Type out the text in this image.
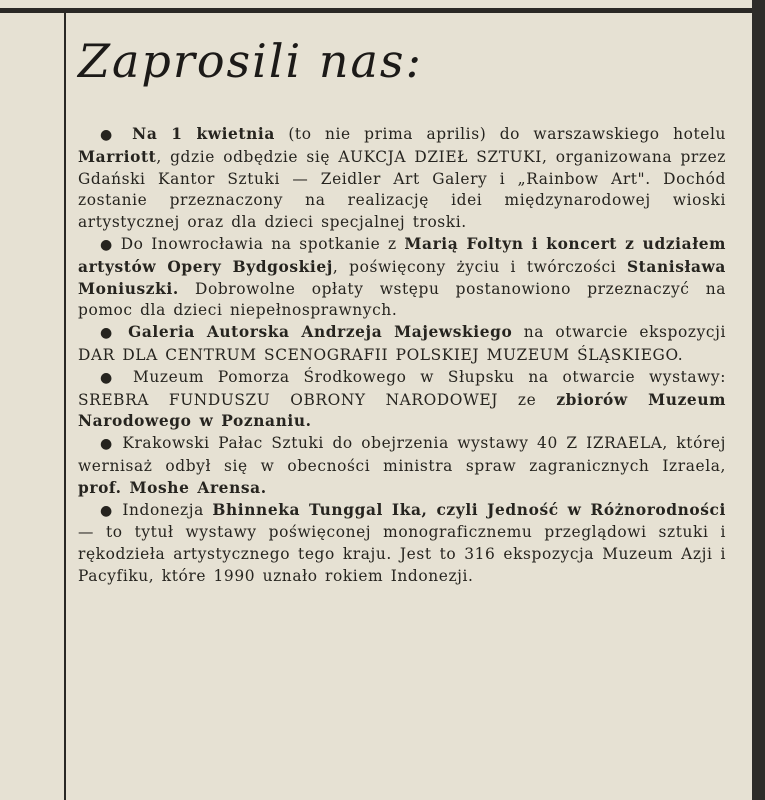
Zaprosili nas:

● Na 1 kwietnia (to nie prima aprilis) do warszawskiego hotelu Marriott, gdzie odbędzie się AUKCJA DZIEŁ SZTUKI, organizowana przez Gdański Kantor Sztuki — Zeidler Art Galery i „Rainbow Art". Dochód zostanie przeznaczony na realizację idei międzynarodowej wioski artystycznej oraz dla dzieci specjalnej troski.

● Do Inowrocławia na spotkanie z Marią Foltyn i koncert z udziałem artystów Opery Bydgoskiej, poświęcony życiu i twórczości Stanisława Moniuszki. Dobrowolne opłaty wstępu postanowiono przeznaczyć na pomoc dla dzieci niepełnosprawnych.

● Galeria Autorska Andrzeja Majewskiego na otwarcie ekspozycji DAR DLA CENTRUM SCENOGRAFII POLSKIEJ MUZEUM ŚLĄSKIEGO.

● Muzeum Pomorza Środkowego w Słupsku na otwarcie wystawy: SREBRA FUNDUSZU OBRONY NARODOWEJ ze zbiorów Muzeum Narodowego w Poznaniu.

● Krakowski Pałac Sztuki do obejrzenia wystawy 40 Z IZRAELA, której wernisaż odbył się w obecności ministra spraw zagranicznych Izraela, prof. Moshe Arensa.

● Indonezja Bhinneka Tunggal Ika, czyli Jedność w Różnorodności — to tytuł wystawy poświęconej monograficznemu przeglądowi sztuki i rękodzieła artystycznego tego kraju. Jest to 316 ekspozycja Muzeum Azji i Pacyfiku, które 1990 uznało rokiem Indonezji.
